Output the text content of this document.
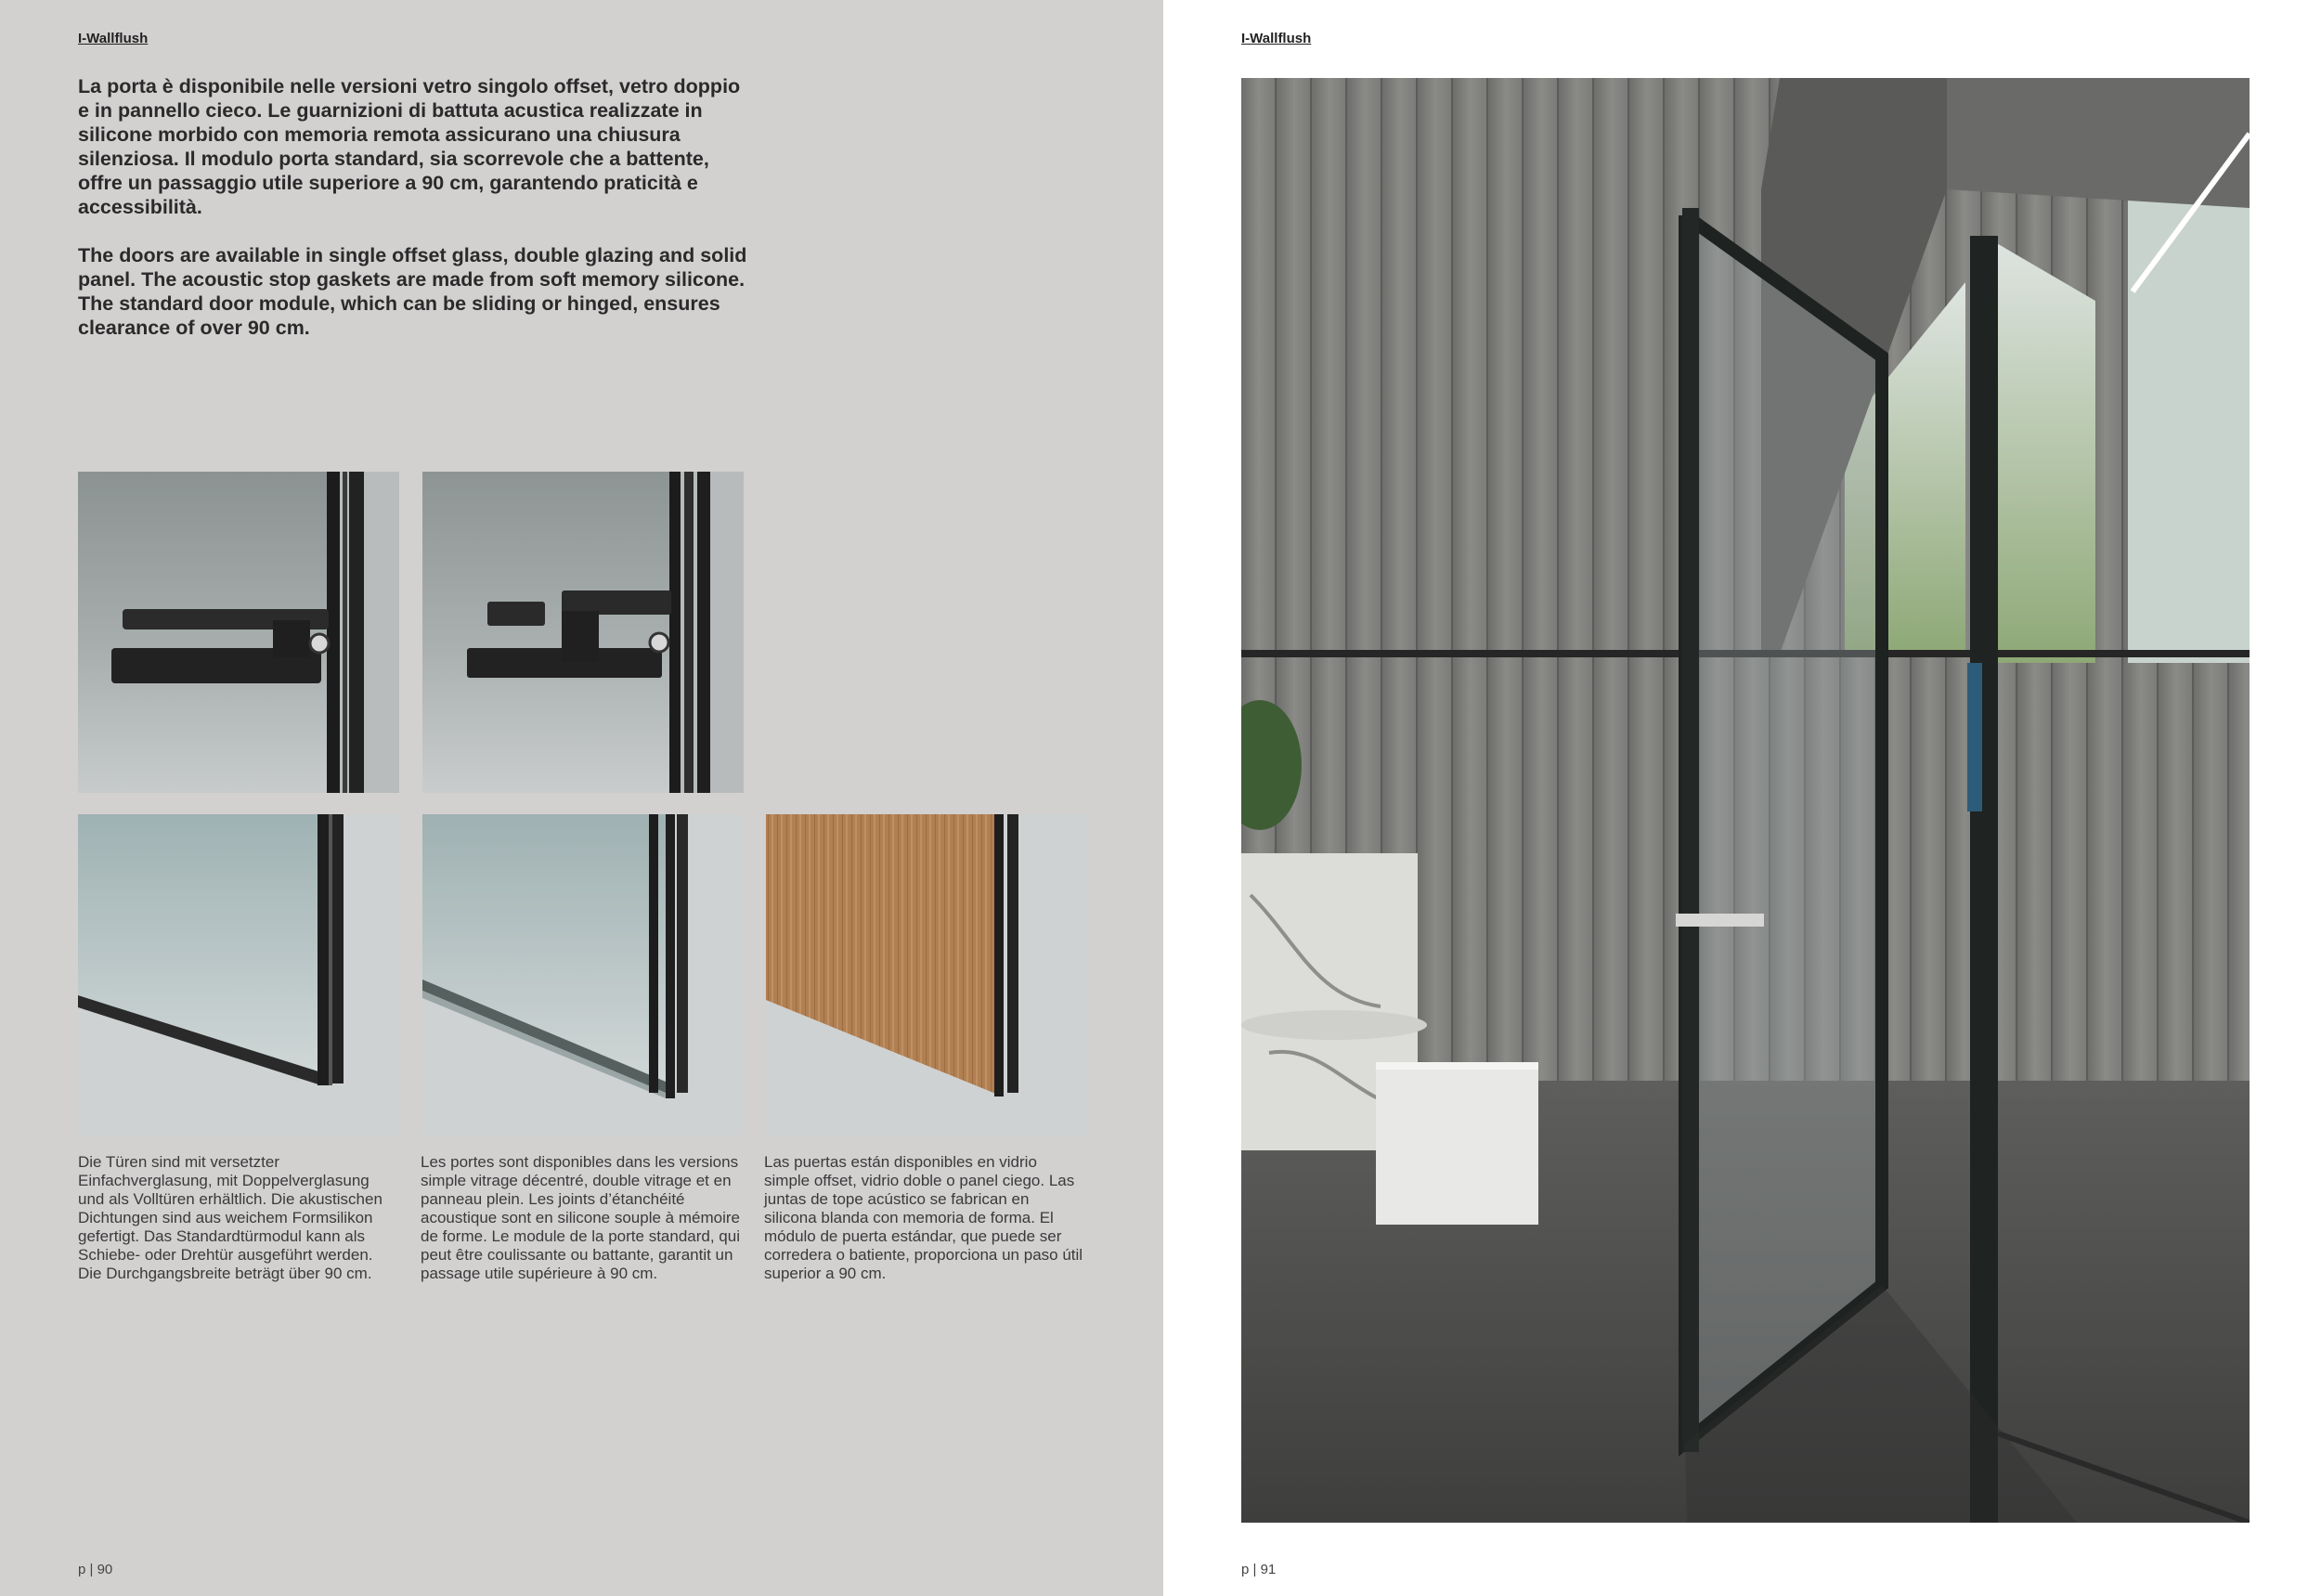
I-Wallflush

La porta è disponibile nelle versioni vetro singolo offset, vetro doppio e in pannello cieco. Le guarnizioni di battuta acustica realizzate in silicone morbido con memoria remota assicurano una chiusura silenziosa. Il modulo porta standard, sia scorrevole che a battente, offre un passaggio utile superiore a 90 cm, garantendo praticità e accessibilità.

The doors are available in single offset glass, double glazing and solid panel. The acoustic stop gaskets are made from soft memory silicone. The standard door module, which can be sliding or hinged, ensures clearance of over 90 cm.

Die Türen sind mit versetzter Einfachverglasung, mit Doppelverglasung und als Volltüren erhältlich. Die akustischen Dichtungen sind aus weichem Formsilikon gefertigt. Das Standardtürmodul kann als Schiebe- oder Drehtür ausgeführt werden. Die Durchgangsbreite beträgt über 90 cm.

Les portes sont disponibles dans les versions simple vitrage décentré, double vitrage et en panneau plein. Les joints d’étanchéité acoustique sont en silicone souple à mémoire de forme. Le module de la porte standard, qui peut être coulissante ou battante, garantit un passage utile supérieure à 90 cm.

Las puertas están disponibles en vidrio simple offset, vidrio doble o panel ciego. Las juntas de tope acústico se fabrican en silicona blanda con memoria de forma. El módulo de puerta estándar, que puede ser corredera o batiente, proporciona un paso útil superior a 90 cm.

p | 90
I-Wallflush
p | 91
